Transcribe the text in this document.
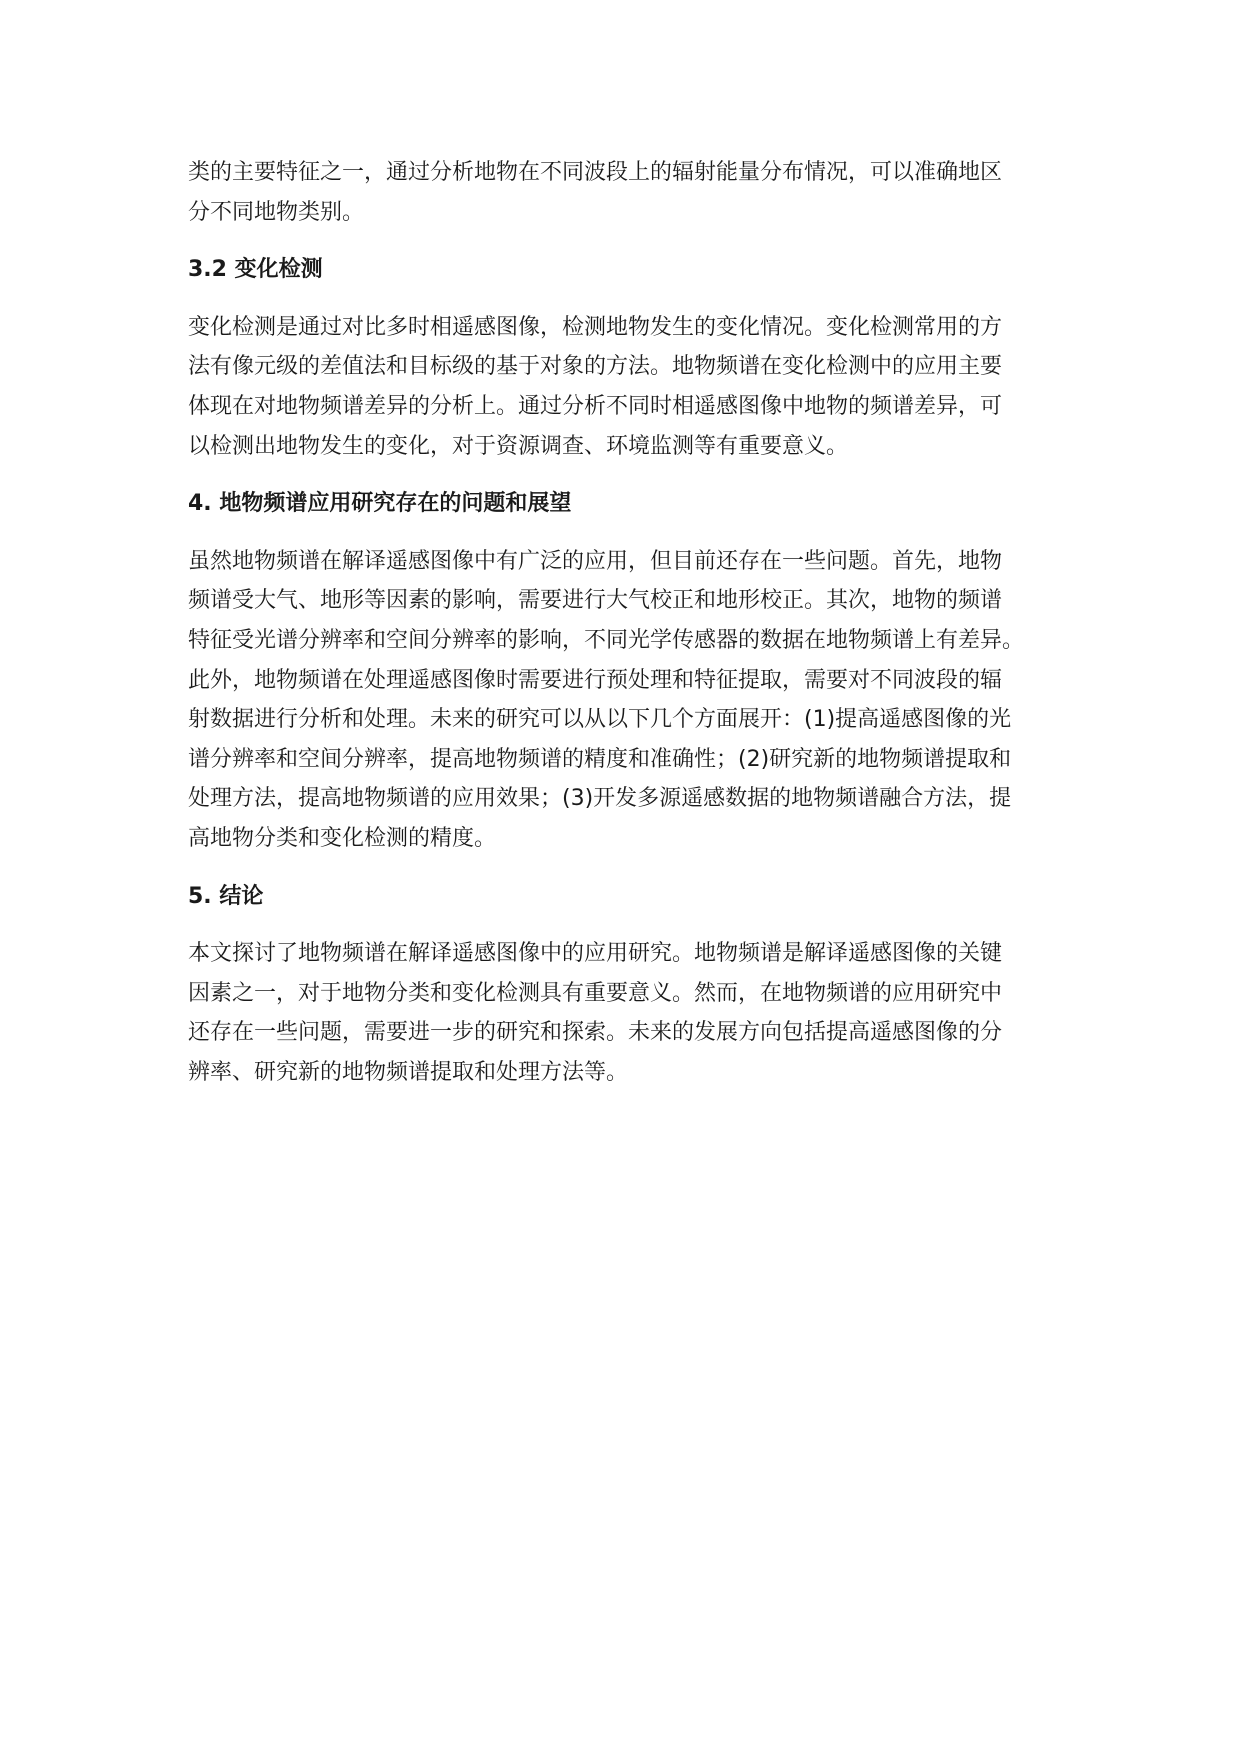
类的主要特征之一，通过分析地物在不同波段上的辐射能量分布情况，可以准确地区
分不同地物类别。

3.2 变化检测

变化检测是通过对比多时相遥感图像，检测地物发生的变化情况。变化检测常用的方
法有像元级的差值法和目标级的基于对象的方法。地物频谱在变化检测中的应用主要
体现在对地物频谱差异的分析上。通过分析不同时相遥感图像中地物的频谱差异，可
以检测出地物发生的变化，对于资源调查、环境监测等有重要意义。

4. 地物频谱应用研究存在的问题和展望

虽然地物频谱在解译遥感图像中有广泛的应用，但目前还存在一些问题。首先，地物
频谱受大气、地形等因素的影响，需要进行大气校正和地形校正。其次，地物的频谱
特征受光谱分辨率和空间分辨率的影响，不同光学传感器的数据在地物频谱上有差异。
此外，地物频谱在处理遥感图像时需要进行预处理和特征提取，需要对不同波段的辐
射数据进行分析和处理。未来的研究可以从以下几个方面展开：(1)提高遥感图像的光
谱分辨率和空间分辨率，提高地物频谱的精度和准确性；(2)研究新的地物频谱提取和
处理方法，提高地物频谱的应用效果；(3)开发多源遥感数据的地物频谱融合方法，提
高地物分类和变化检测的精度。

5. 结论

本文探讨了地物频谱在解译遥感图像中的应用研究。地物频谱是解译遥感图像的关键
因素之一，对于地物分类和变化检测具有重要意义。然而，在地物频谱的应用研究中
还存在一些问题，需要进一步的研究和探索。未来的发展方向包括提高遥感图像的分
辨率、研究新的地物频谱提取和处理方法等。
